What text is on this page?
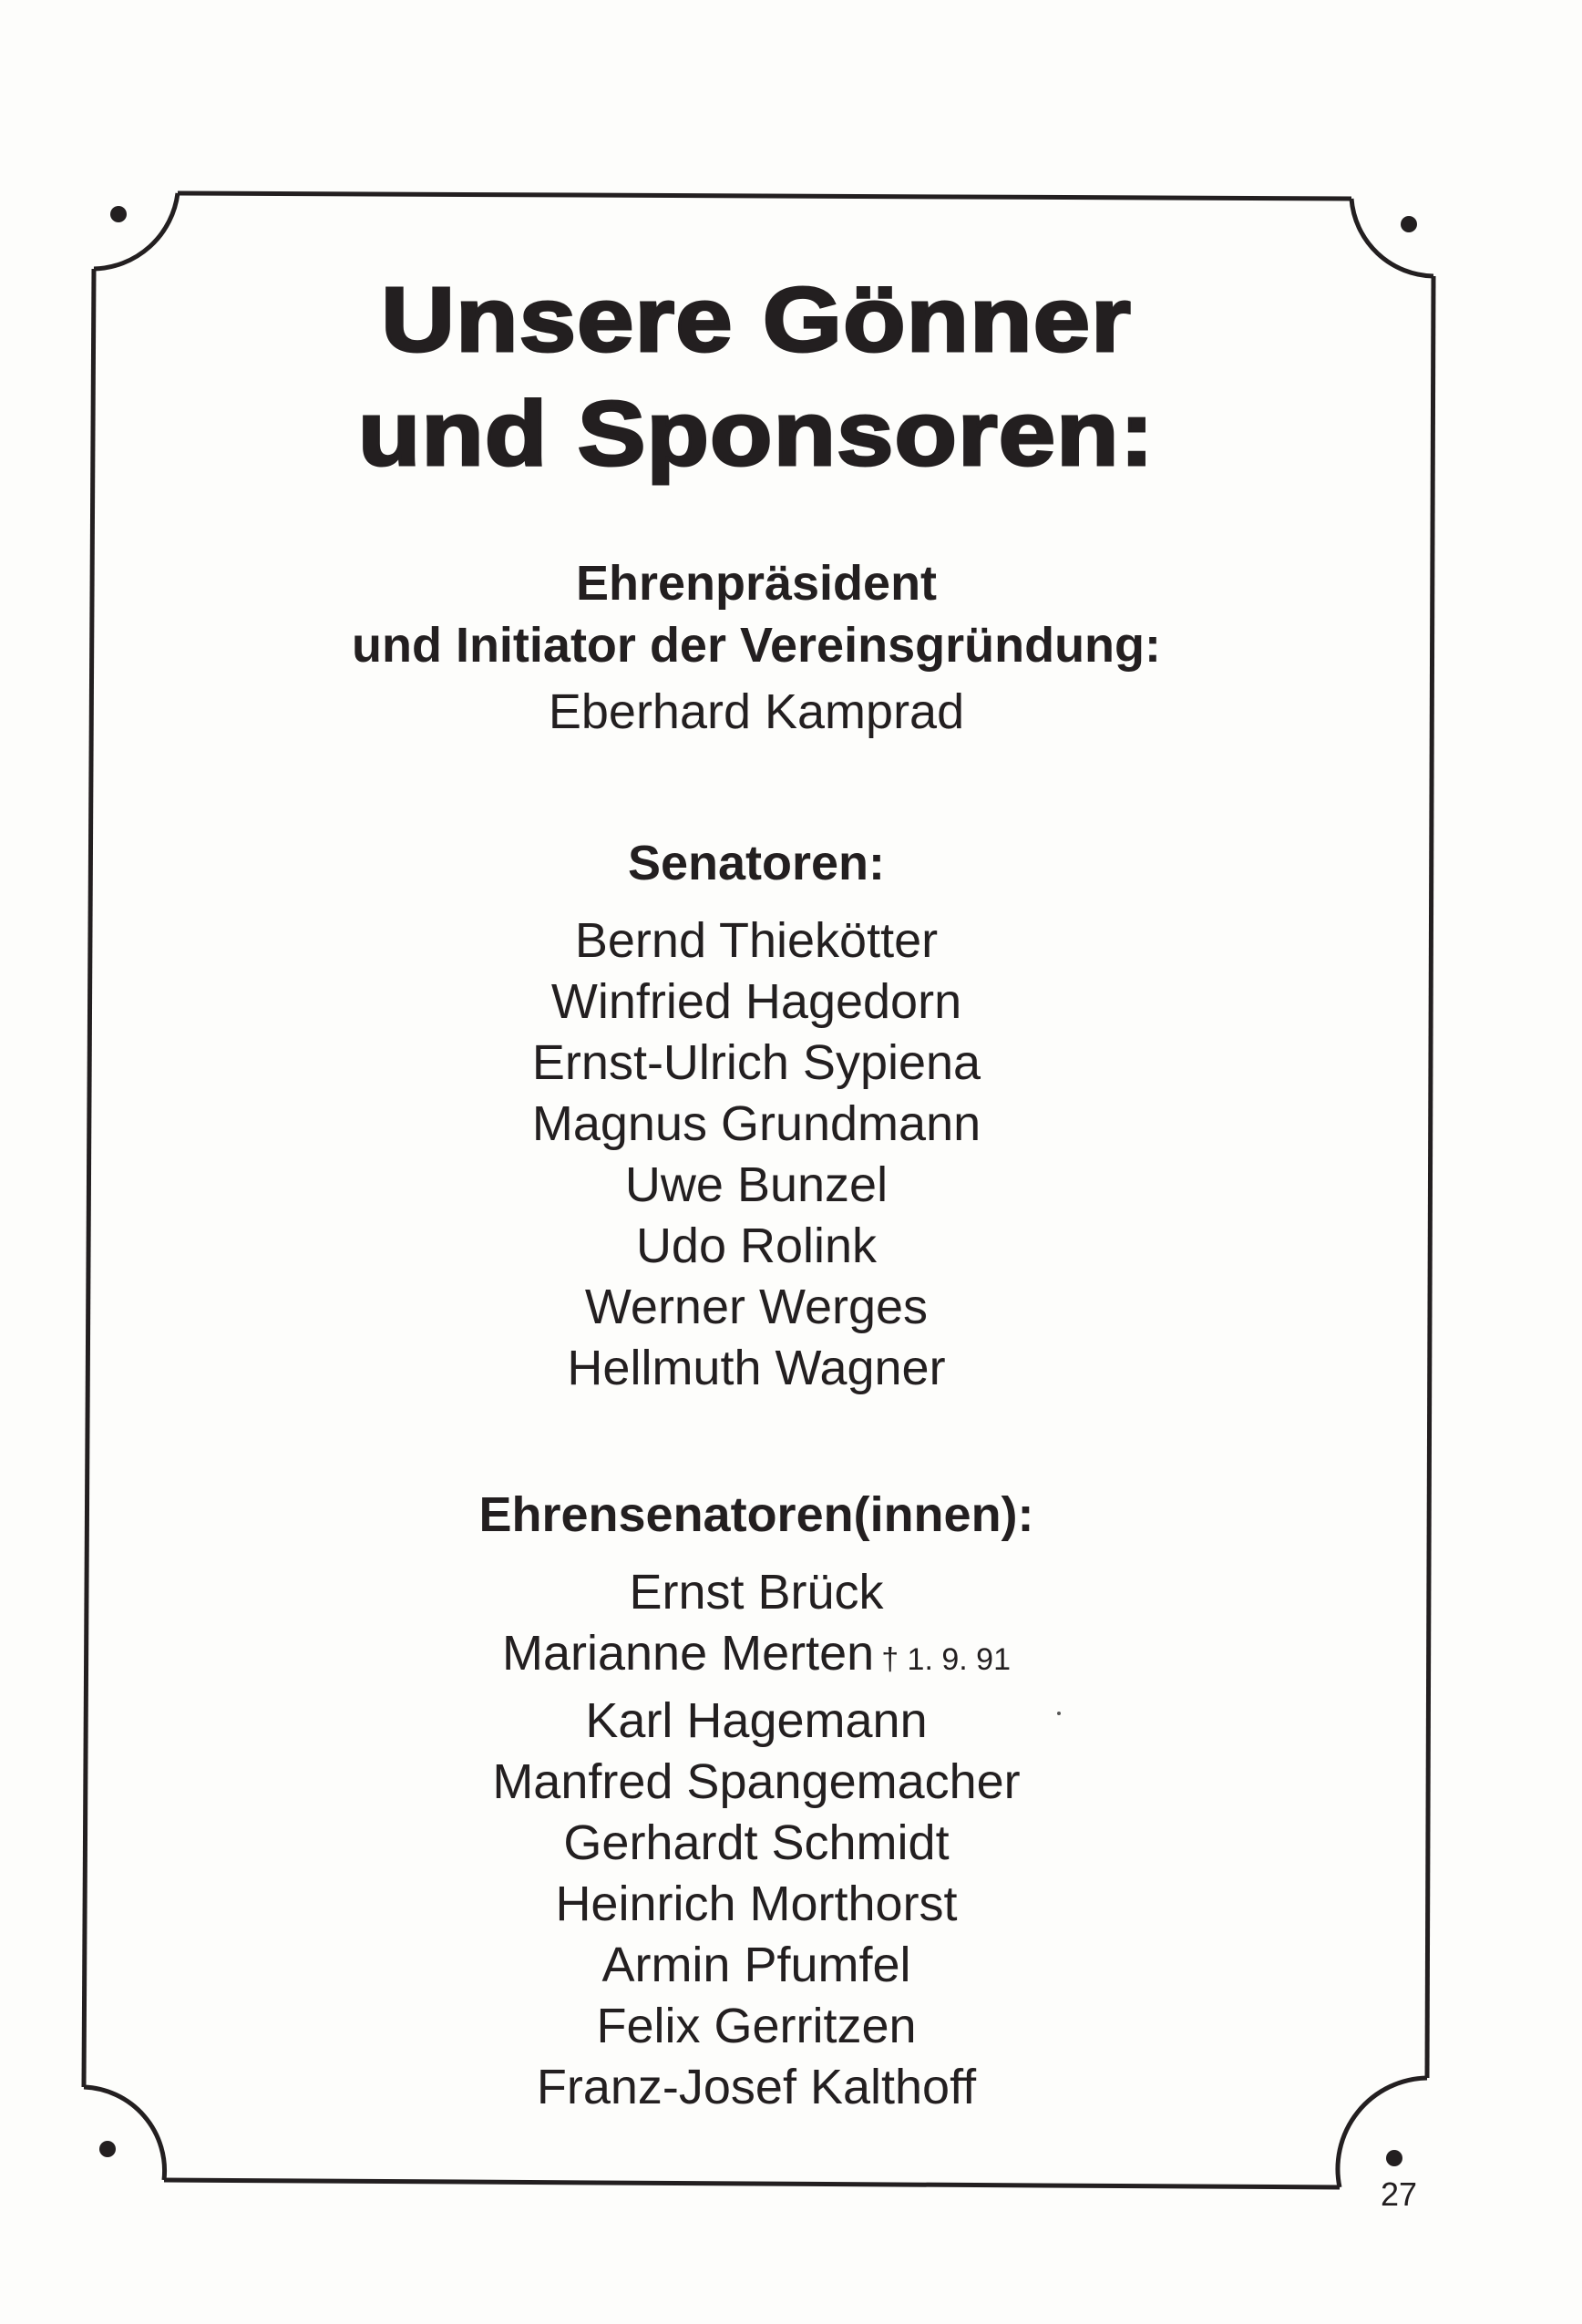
Unsere Gönner
und Sponsoren:

Ehrenpräsident

und Initiator der Vereinsgründung:

Eberhard Kamprad

Senatoren:

Bernd Thiekötter

Winfried Hagedorn

Ernst-Ulrich Sypiena

Magnus Grundmann

Uwe Bunzel

Udo Rolink

Werner Werges

Hellmuth Wagner

Ehrensenatoren(innen):

Ernst Brück

Marianne Merten † 1. 9. 91

Karl Hagemann

Manfred Spangemacher

Gerhardt Schmidt

Heinrich Morthorst

Armin Pfumfel

Felix Gerritzen

Franz-Josef Kalthoff

27
